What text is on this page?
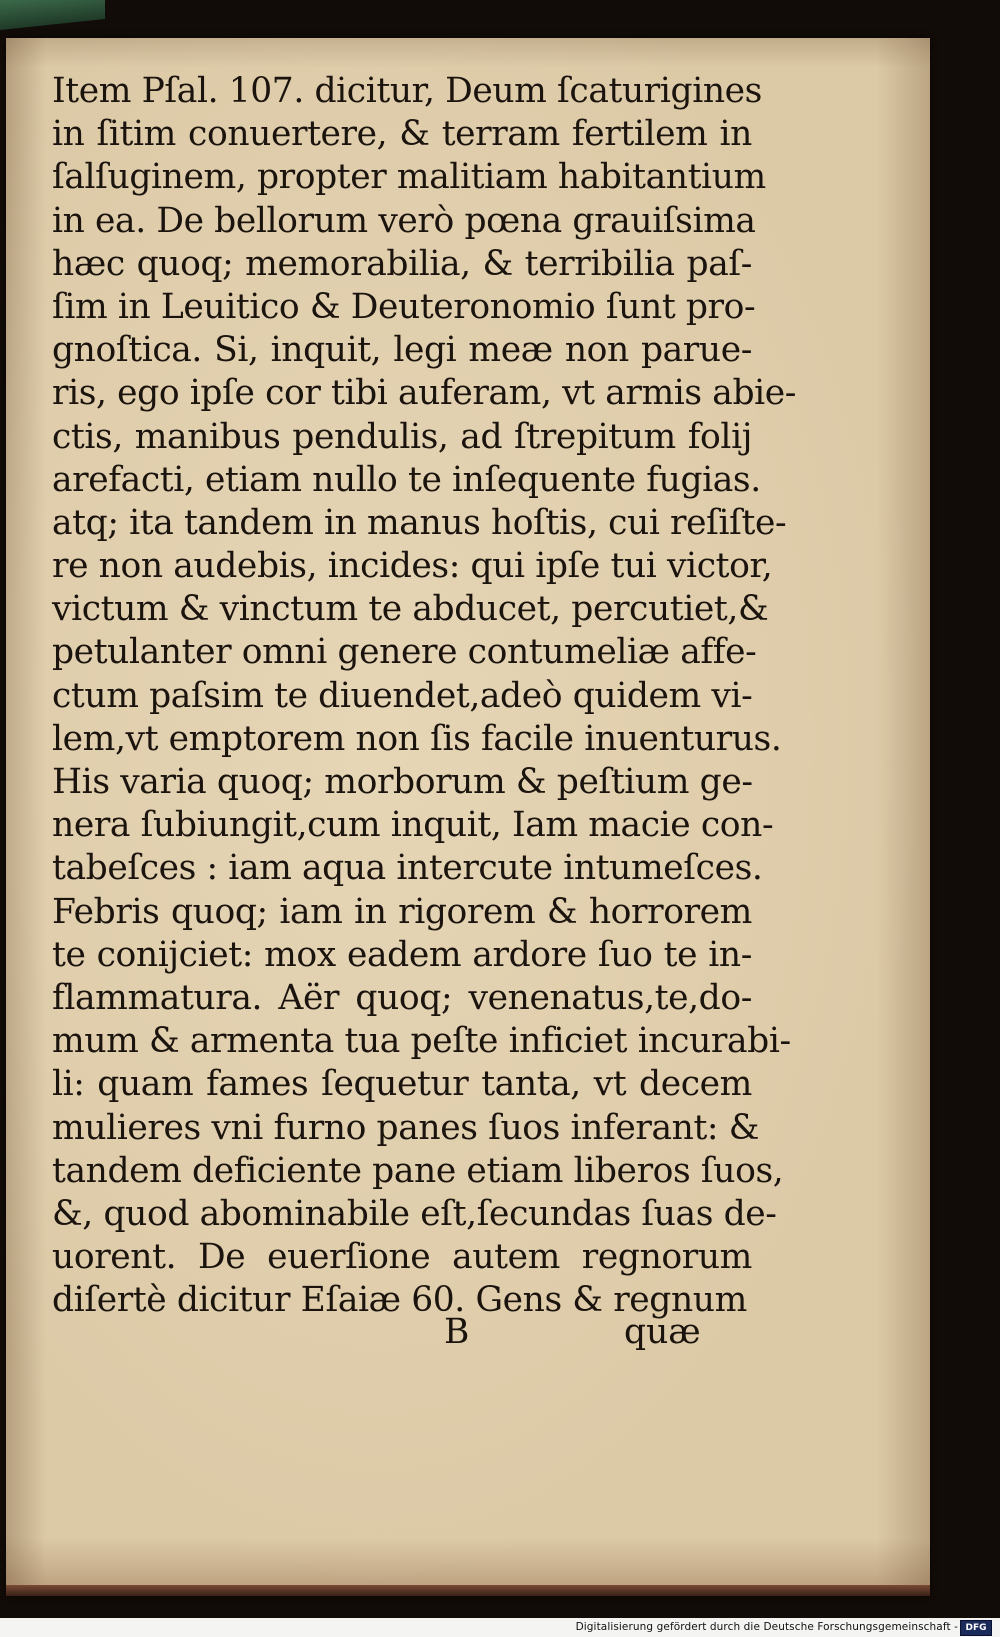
Item Pſal. 107. dicitur, Deum ſcaturigines
in ſitim conuertere, & terram fertilem in
ſalſuginem, propter malitiam habitantium
in ea. De bellorum verò pœna grauiſsima
hæc quoq; memorabilia, & terribilia paſ-
ſim in Leuitico & Deuteronomio ſunt pro-
gnoſtica. Si, inquit, legi meæ non parue-
ris, ego ipſe cor tibi auferam, vt armis abie-
ctis, manibus pendulis, ad ſtrepitum folij
arefacti, etiam nullo te inſequente fugias.
atq; ita tandem in manus hoſtis, cui reſiſte-
re non audebis, incides: qui ipſe tui victor,
victum & vinctum te abducet, percutiet,&
petulanter omni genere contumeliæ affe-
ctum paſsim te diuendet,adeò quidem vi-
lem,vt emptorem non ſis facile inuenturus.
His varia quoq; morborum & peſtium ge-
nera ſubiungit,cum inquit, Iam macie con-
tabeſces : iam aqua intercute intumeſces.
Febris quoq; iam in rigorem & horrorem
te conijciet: mox eadem ardore ſuo te in-
flammatura. Aër quoq; venenatus,te,do-
mum & armenta tua peſte inficiet incurabi-
li: quam fames ſequetur tanta, vt decem
mulieres vni furno panes ſuos inferant: &
tandem deficiente pane etiam liberos ſuos,
&, quod abominabile eſt,ſecundas ſuas de-
uorent. De euerſione autem regnorum
diſertè dicitur Eſaiæ 60. Gens & regnum
B	quæ
Digitalisierung gefördert durch die Deutsche Forschungsgemeinschaft - DFG
